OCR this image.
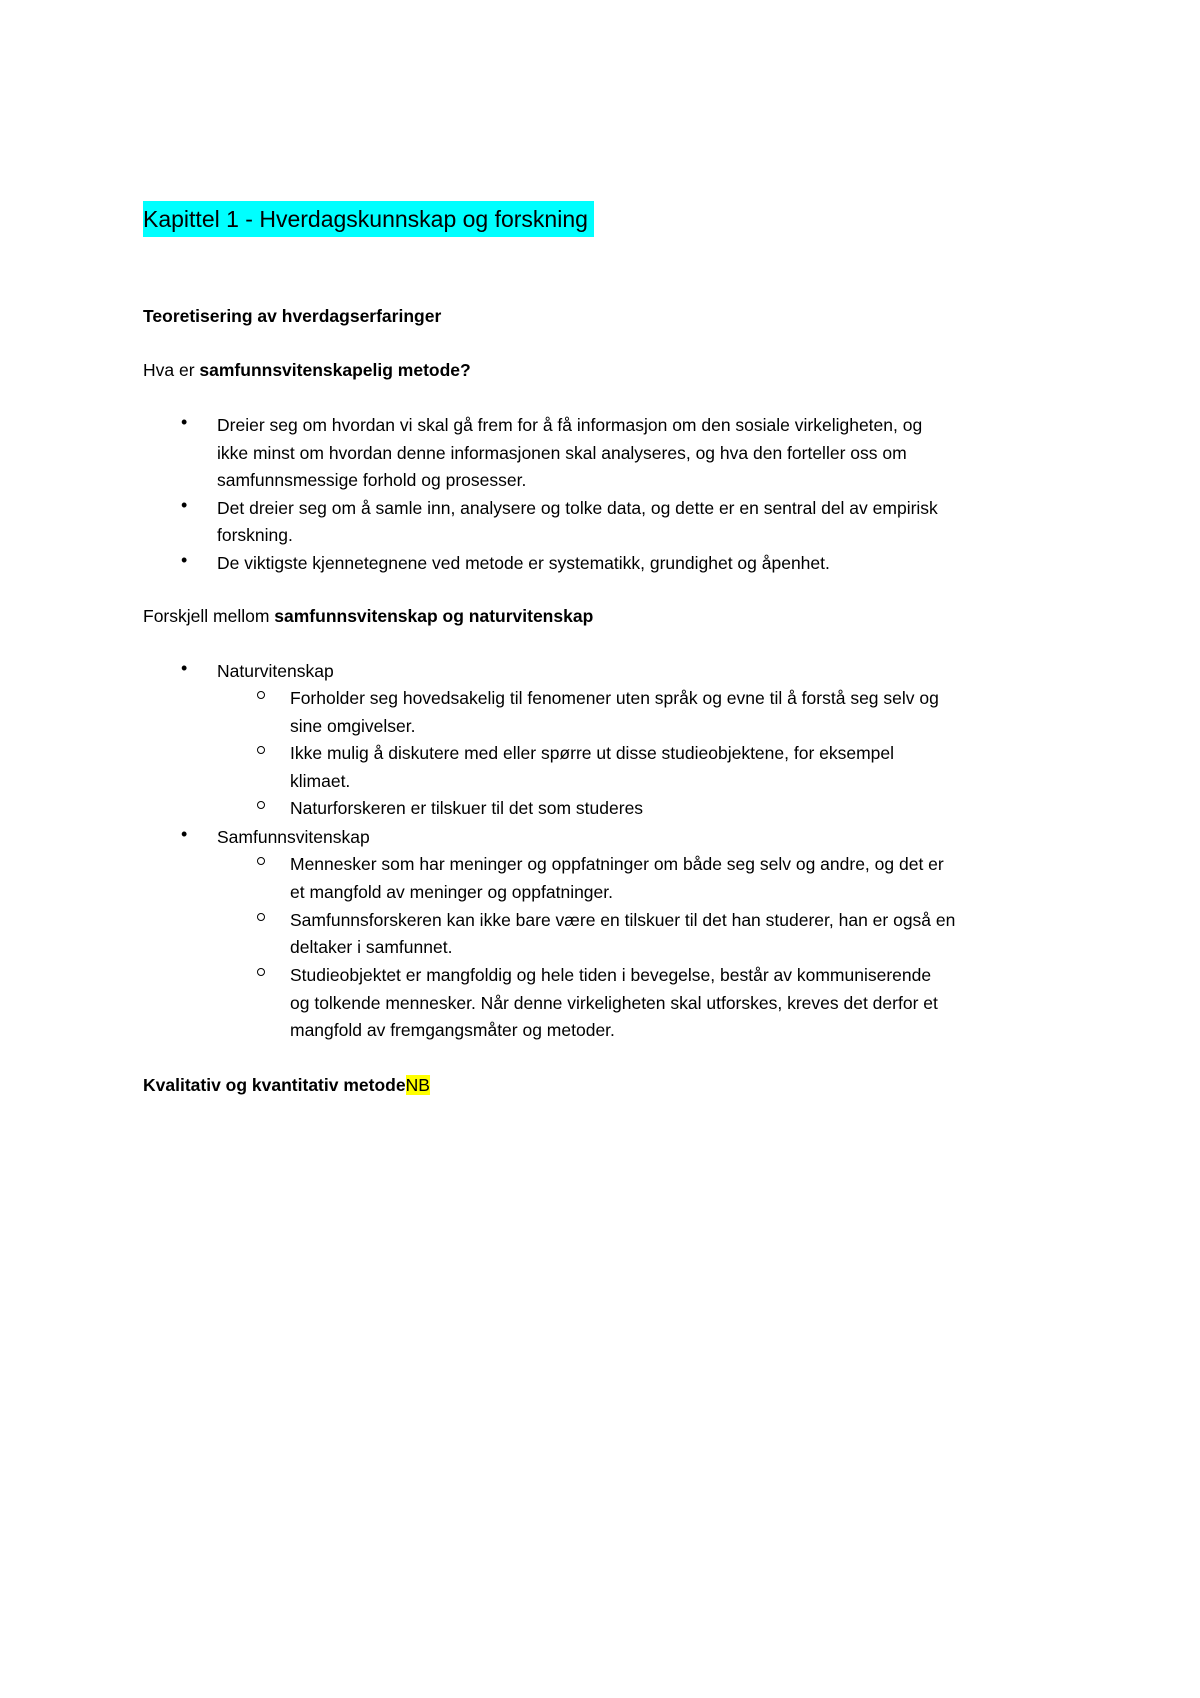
Kapittel 1 - Hverdagskunnskap og forskning
Teoretisering av hverdagserfaringer
Hva er samfunnsvitenskapelig metode?
• Dreier seg om hvordan vi skal gå frem for å få informasjon om den sosiale virkeligheten, og
ikke minst om hvordan denne informasjonen skal analyseres, og hva den forteller oss om
samfunnsmessige forhold og prosesser.
• Det dreier seg om å samle inn, analysere og tolke data, og dette er en sentral del av empirisk
forskning.
• De viktigste kjennetegnene ved metode er systematikk, grundighet og åpenhet.
Forskjell mellom samfunnsvitenskap og naturvitenskap
• Naturvitenskap
Forholder seg hovedsakelig til fenomener uten språk og evne til å forstå seg selv og
sine omgivelser.
Ikke mulig å diskutere med eller spørre ut disse studieobjektene, for eksempel
klimaet.
Naturforskeren er tilskuer til det som studeres
• Samfunnsvitenskap
Mennesker som har meninger og oppfatninger om både seg selv og andre, og det er
et mangfold av meninger og oppfatninger.
Samfunnsforskeren kan ikke bare være en tilskuer til det han studerer, han er også en
deltaker i samfunnet.
Studieobjektet er mangfoldig og hele tiden i bevegelse, består av kommuniserende
og tolkende mennesker. Når denne virkeligheten skal utforskes, kreves det derfor et
mangfold av fremgangsmåter og metoder.
Kvalitativ og kvantitativ metodeNB
